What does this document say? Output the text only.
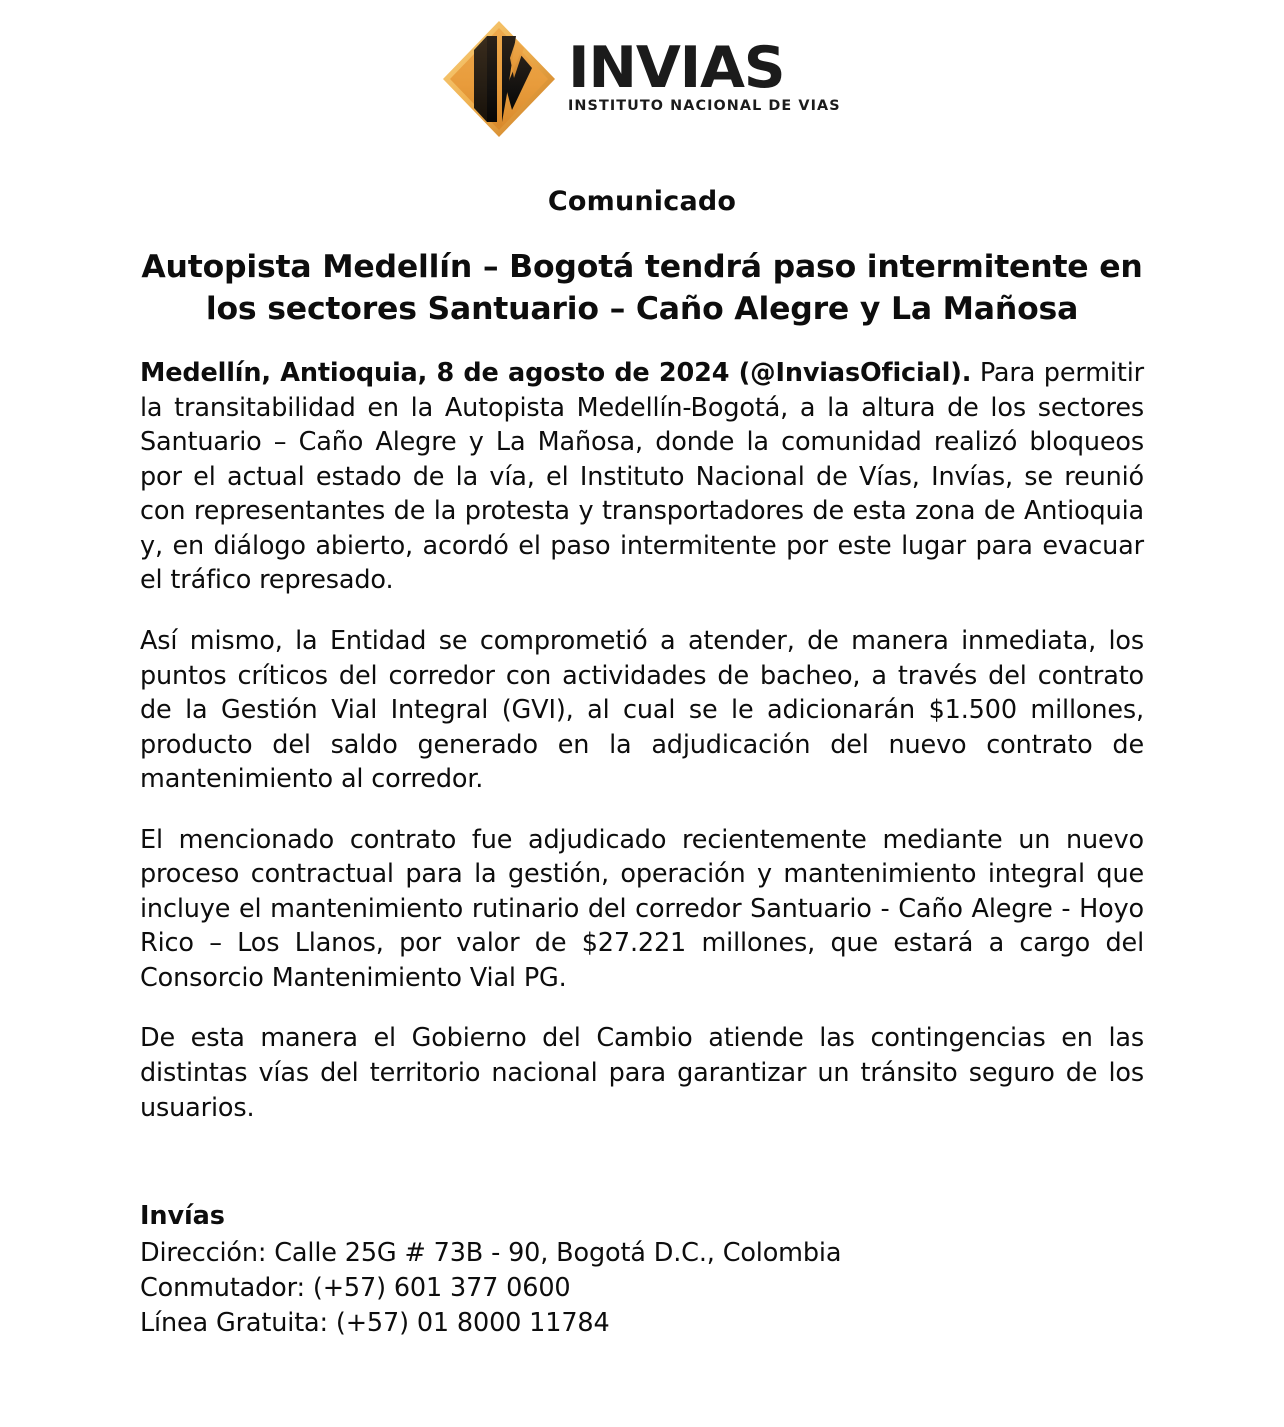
INVIAS
INSTITUTO NACIONAL DE VIAS
Comunicado
Autopista Medellín – Bogotá tendrá paso intermitente en los sectores Santuario – Caño Alegre y La Mañosa

Medellín, Antioquia, 8 de agosto de 2024 (@InviasOficial). Para permitir la transitabilidad en la Autopista Medellín-Bogotá, a la altura de los sectores Santuario – Caño Alegre y La Mañosa, donde la comunidad realizó bloqueos por el actual estado de la vía, el Instituto Nacional de Vías, Invías, se reunió con representantes de la protesta y transportadores de esta zona de Antioquia y, en diálogo abierto, acordó el paso intermitente por este lugar para evacuar el tráfico represado.

Así mismo, la Entidad se comprometió a atender, de manera inmediata, los puntos críticos del corredor con actividades de bacheo, a través del contrato de la Gestión Vial Integral (GVI), al cual se le adicionarán $1.500 millones, producto del saldo generado en la adjudicación del nuevo contrato de mantenimiento al corredor.

El mencionado contrato fue adjudicado recientemente mediante un nuevo proceso contractual para la gestión, operación y mantenimiento integral que incluye el mantenimiento rutinario del corredor Santuario - Caño Alegre - Hoyo Rico – Los Llanos, por valor de $27.221 millones, que estará a cargo del Consorcio Mantenimiento Vial PG.

De esta manera el Gobierno del Cambio atiende las contingencias en las distintas vías del territorio nacional para garantizar un tránsito seguro de los usuarios.

Invías
Dirección: Calle 25G # 73B - 90, Bogotá D.C., Colombia
Conmutador: (+57) 601 377 0600
Línea Gratuita: (+57) 01 8000 11784
